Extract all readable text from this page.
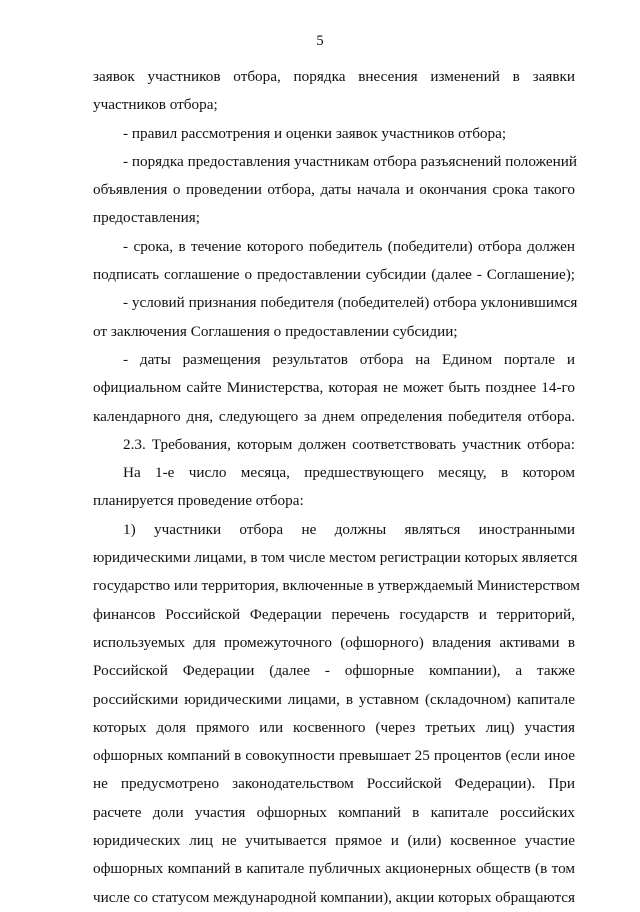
5
заявок участников отбора, порядка внесения изменений в заявки
участников отбора;
- правил рассмотрения и оценки заявок участников отбора;
- порядка предоставления участникам отбора разъяснений положений
объявления о проведении отбора, даты начала и окончания срока такого
предоставления;
- срока, в течение которого победитель (победители) отбора должен
подписать соглашение о предоставлении субсидии (далее - Соглашение);
- условий признания победителя (победителей) отбора уклонившимся
от заключения Соглашения о предоставлении субсидии;
- даты размещения результатов отбора на Едином портале и
официальном сайте Министерства, которая не может быть позднее 14-го
календарного дня, следующего за днем определения победителя отбора.
2.3. Требования, которым должен соответствовать участник отбора:
На 1-е число месяца, предшествующего месяцу, в котором
планируется проведение отбора:
1) участники отбора не должны являться иностранными
юридическими лицами, в том числе местом регистрации которых является
государство или территория, включенные в утверждаемый Министерством
финансов Российской Федерации перечень государств и территорий,
используемых для промежуточного (офшорного) владения активами в
Российской Федерации (далее - офшорные компании), а также
российскими юридическими лицами, в уставном (складочном) капитале
которых доля прямого или косвенного (через третьих лиц) участия
офшорных компаний в совокупности превышает 25 процентов (если иное
не предусмотрено законодательством Российской Федерации). При
расчете доли участия офшорных компаний в капитале российских
юридических лиц не учитывается прямое и (или) косвенное участие
офшорных компаний в капитале публичных акционерных обществ (в том
числе со статусом международной компании), акции которых обращаются
